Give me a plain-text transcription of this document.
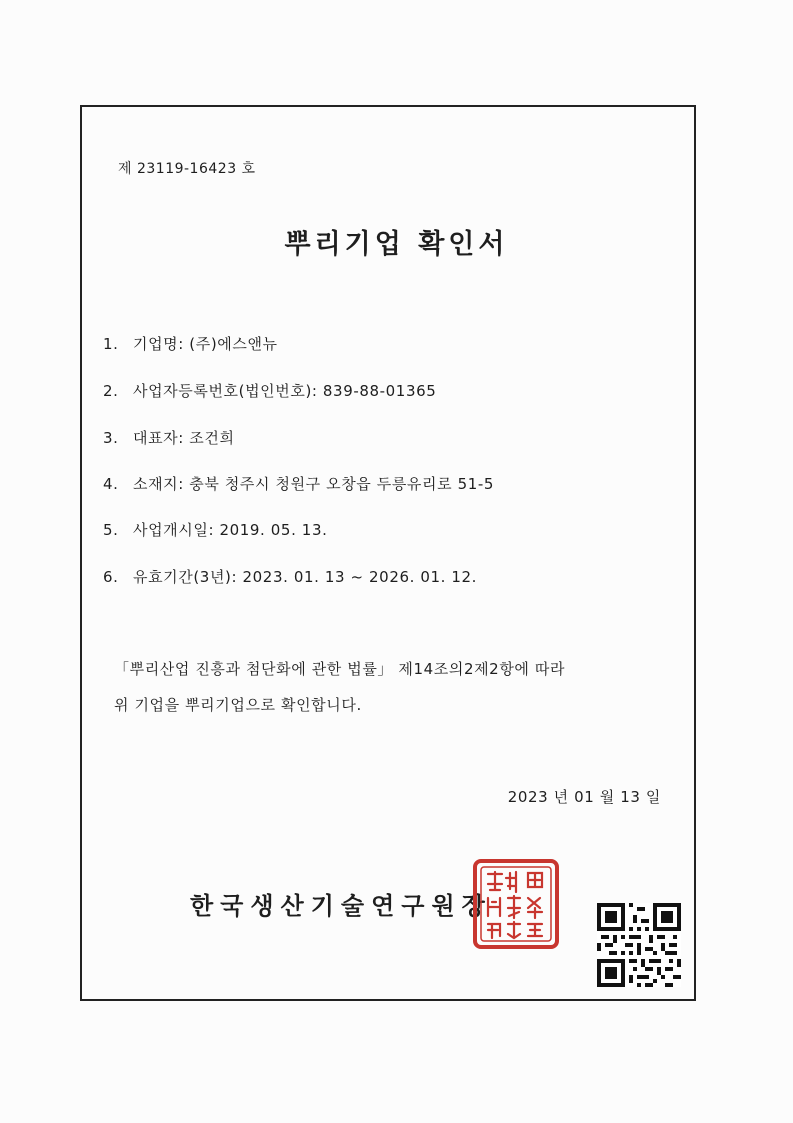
제 23119-16423 호
뿌리기업 확인서
1. 기업명: (주)에스앤뉴
2. 사업자등록번호(법인번호): 839-88-01365
3. 대표자: 조건희
4. 소재지: 충북 청주시 청원구 오창읍 두릉유리로 51-5
5. 사업개시일: 2019. 05. 13.
6. 유효기간(3년): 2023. 01. 13 ~ 2026. 01. 12.
「뿌리산업 진흥과 첨단화에 관한 법률」 제14조의2제2항에 따라
위 기업을 뿌리기업으로 확인합니다.
2023 년 01 월 13 일
한국생산기술연구원장
